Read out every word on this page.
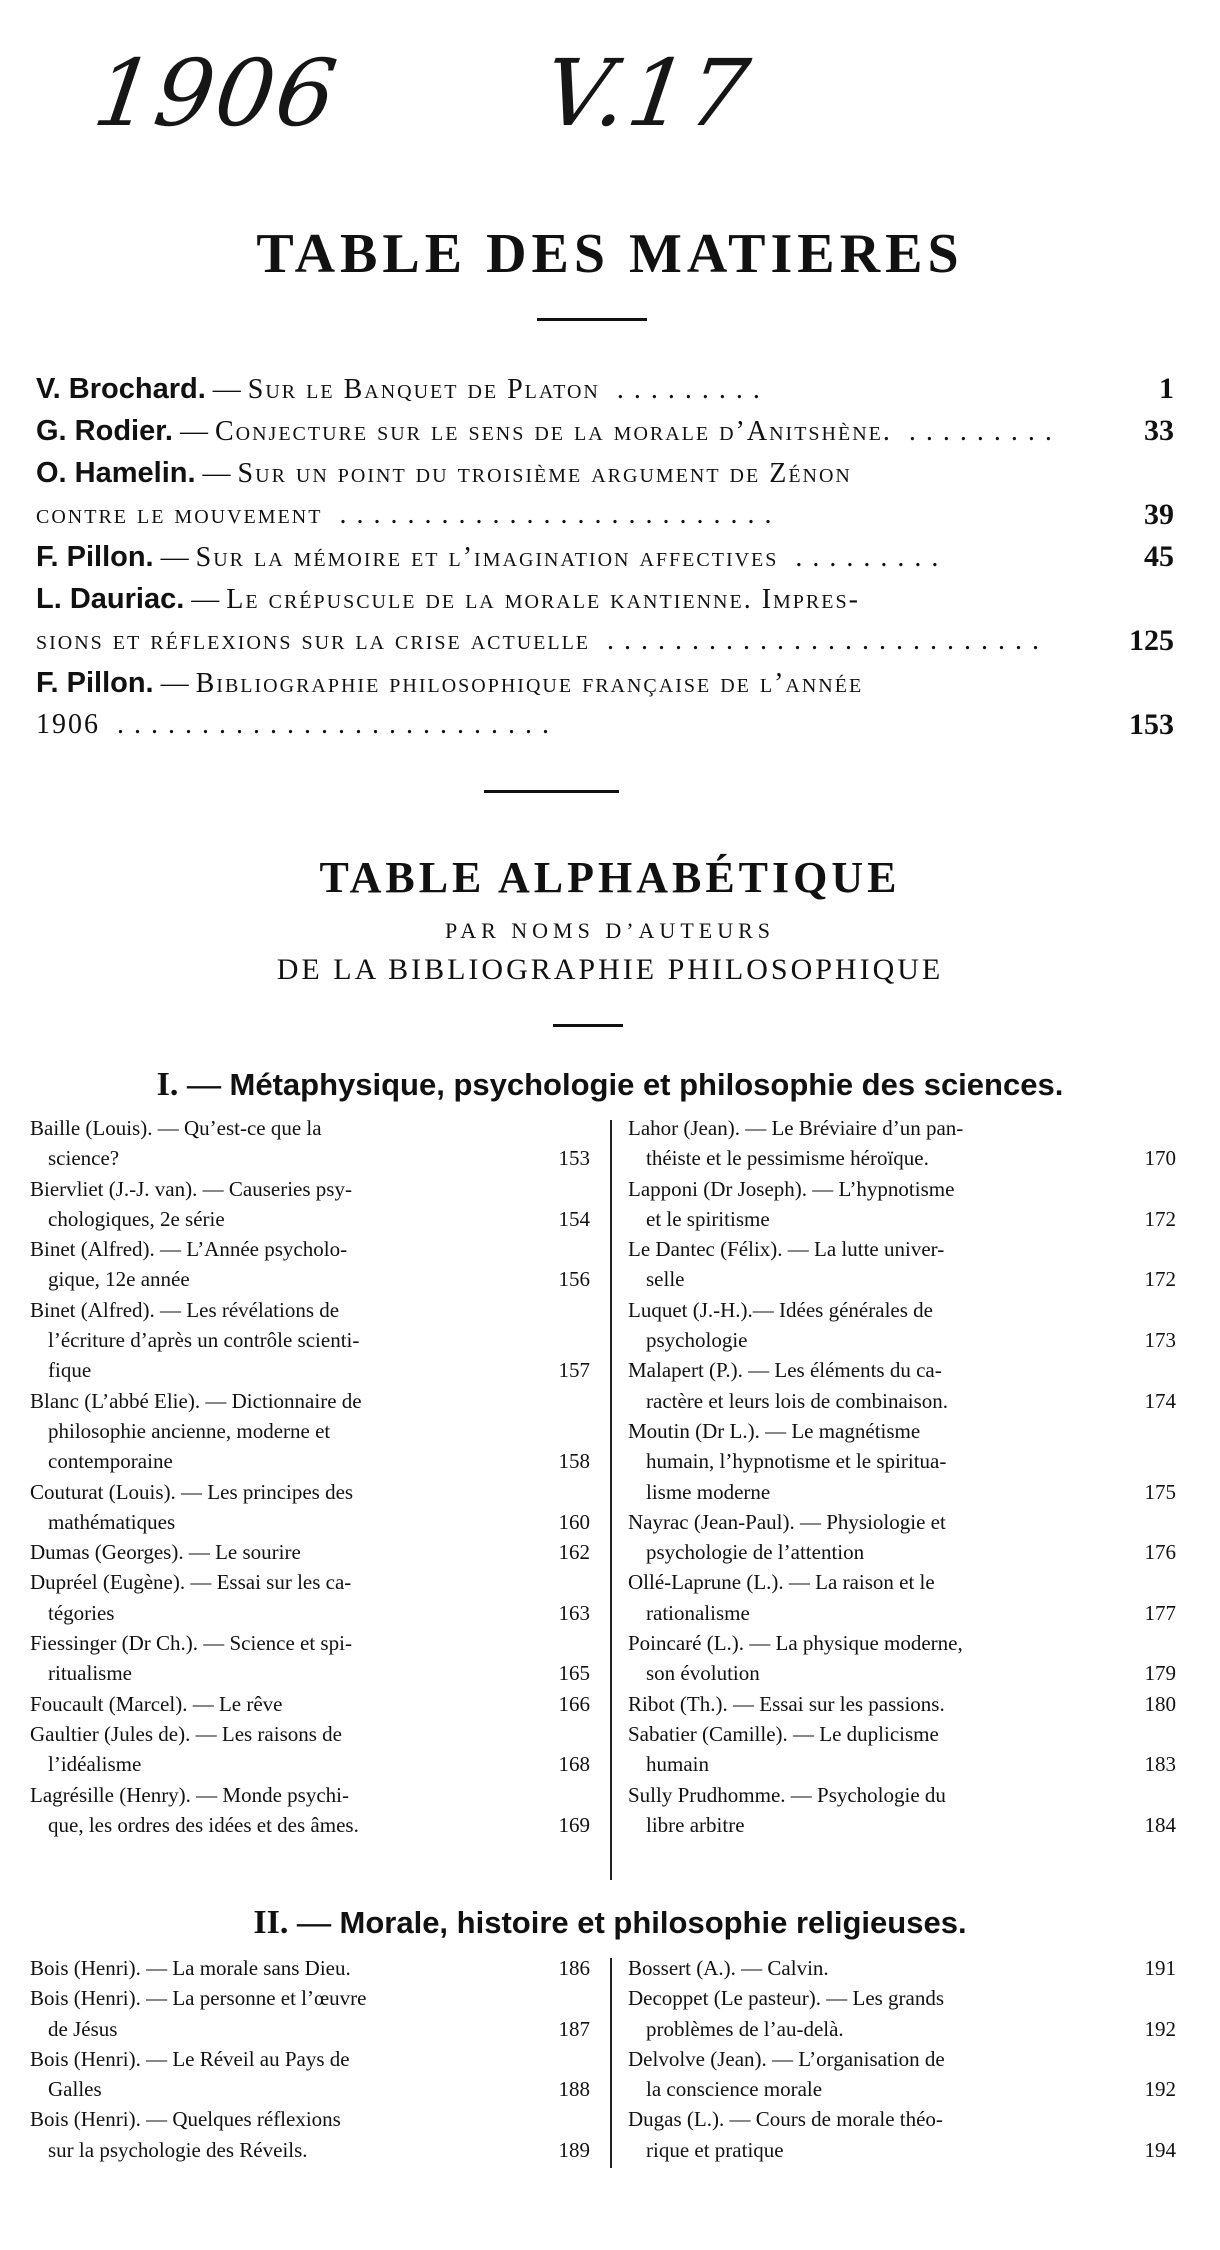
1906 V.17
TABLE DES MATIERES
V. Brochard. — Sur le Banquet de Platon .........	1
G. Rodier. — Conjecture sur le sens de la morale d’Anitshène. .........	33
O. Hamelin. — Sur un point du troisième argument de Zénon
contre le mouvement ..........................	39
F. Pillon. — Sur la mémoire et l’imagination affectives .........	45
L. Dauriac. — Le crépuscule de la morale kantienne. Impres-
sions et réflexions sur la crise actuelle ..........................	125
F. Pillon. — Bibliographie philosophique française de l’année
1906 ..........................	153
TABLE ALPHABÉTIQUE
PAR NOMS D’AUTEURS
DE LA BIBLIOGRAPHIE PHILOSOPHIQUE
I. — Métaphysique, psychologie et philosophie des sciences.
Baille (Louis). — Qu’est-ce que la
science?	153
Biervliet (J.-J. van). — Causeries psy-
chologiques, 2e série	154
Binet (Alfred). — L’Année psycholo-
gique, 12e année	156
Binet (Alfred). — Les révélations de
l’écriture d’après un contrôle scienti-
fique	157
Blanc (L’abbé Elie). — Dictionnaire de
philosophie ancienne, moderne et
contemporaine	158
Couturat (Louis). — Les principes des
mathématiques	160
Dumas (Georges). — Le sourire	162
Dupréel (Eugène). — Essai sur les ca-
tégories	163
Fiessinger (Dr Ch.). — Science et spi-
ritualisme	165
Foucault (Marcel). — Le rêve	166
Gaultier (Jules de). — Les raisons de
l’idéalisme	168
Lagrésille (Henry). — Monde psychi-
que, les ordres des idées et des âmes.	169
Lahor (Jean). — Le Bréviaire d’un pan-
théiste et le pessimisme héroïque.	170
Lapponi (Dr Joseph). — L’hypnotisme
et le spiritisme	172
Le Dantec (Félix). — La lutte univer-
selle	172
Luquet (J.-H.).— Idées générales de
psychologie	173
Malapert (P.). — Les éléments du ca-
ractère et leurs lois de combinaison.	174
Moutin (Dr L.). — Le magnétisme
humain, l’hypnotisme et le spiritua-
lisme moderne	175
Nayrac (Jean-Paul). — Physiologie et
psychologie de l’attention	176
Ollé-Laprune (L.). — La raison et le
rationalisme	177
Poincaré (L.). — La physique moderne,
son évolution	179
Ribot (Th.). — Essai sur les passions.	180
Sabatier (Camille). — Le duplicisme
humain	183
Sully Prudhomme. — Psychologie du
libre arbitre	184
II. — Morale, histoire et philosophie religieuses.
Bois (Henri). — La morale sans Dieu.	186
Bois (Henri). — La personne et l’œuvre
de Jésus	187
Bois (Henri). — Le Réveil au Pays de
Galles	188
Bois (Henri). — Quelques réflexions
sur la psychologie des Réveils.	189
Bossert (A.). — Calvin.	191
Decoppet (Le pasteur). — Les grands
problèmes de l’au-delà.	192
Delvolve (Jean). — L’organisation de
la conscience morale	192
Dugas (L.). — Cours de morale théo-
rique et pratique	194
